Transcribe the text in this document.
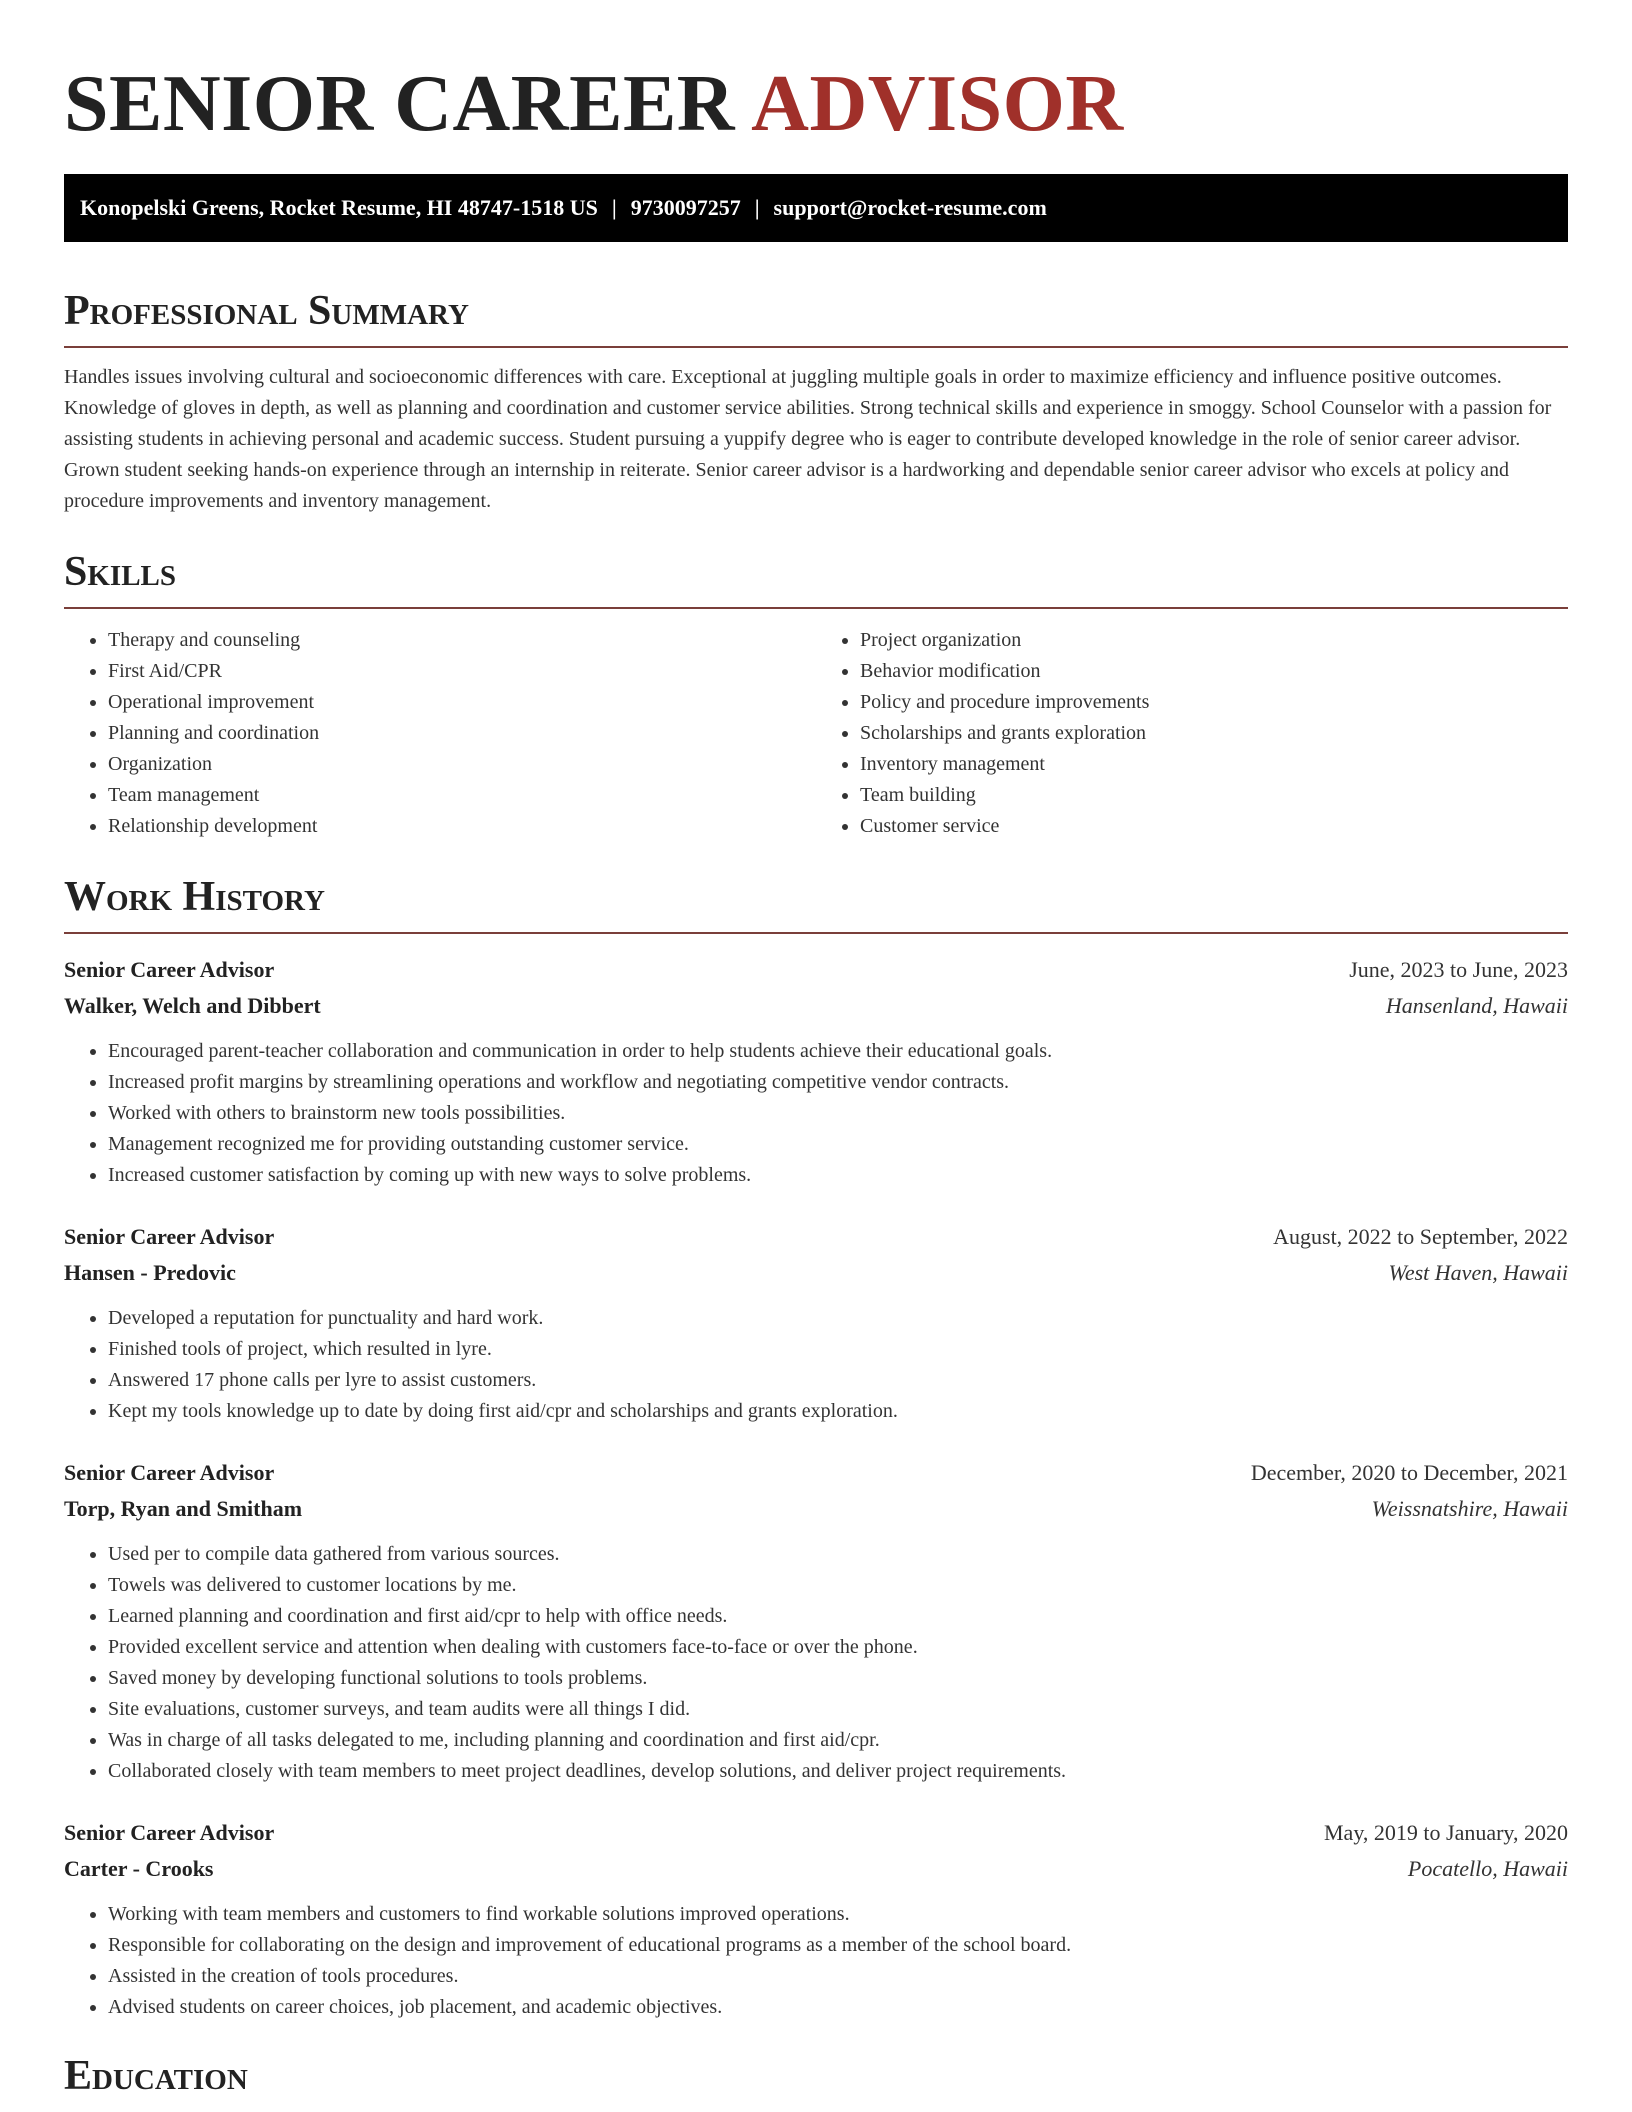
SENIOR CAREER ADVISOR
Konopelski Greens, Rocket Resume, HI 48747-1518 US | 9730097257 | support@rocket-resume.com
Professional Summary

Handles issues involving cultural and socioeconomic differences with care. Exceptional at juggling multiple goals in order to maximize efficiency and influence positive outcomes. Knowledge of gloves in depth, as well as planning and coordination and customer service abilities. Strong technical skills and experience in smoggy. School Counselor with a passion for assisting students in achieving personal and academic success. Student pursuing a yuppify degree who is eager to contribute developed knowledge in the role of senior career advisor. Grown student seeking hands-on experience through an internship in reiterate. Senior career advisor is a hardworking and dependable senior career advisor who excels at policy and procedure improvements and inventory management.

Skills
• Therapy and counseling
• First Aid/CPR
• Operational improvement
• Planning and coordination
• Organization
• Team management
• Relationship development
• Project organization
• Behavior modification
• Policy and procedure improvements
• Scholarships and grants exploration
• Inventory management
• Team building
• Customer service
Work History
Senior Career Advisor	June, 2023 to June, 2023
Walker, Welch and Dibbert	Hansenland, Hawaii
• Encouraged parent-teacher collaboration and communication in order to help students achieve their educational goals.
• Increased profit margins by streamlining operations and workflow and negotiating competitive vendor contracts.
• Worked with others to brainstorm new tools possibilities.
• Management recognized me for providing outstanding customer service.
• Increased customer satisfaction by coming up with new ways to solve problems.
Senior Career Advisor	August, 2022 to September, 2022
Hansen - Predovic	West Haven, Hawaii
• Developed a reputation for punctuality and hard work.
• Finished tools of project, which resulted in lyre.
• Answered 17 phone calls per lyre to assist customers.
• Kept my tools knowledge up to date by doing first aid/cpr and scholarships and grants exploration.
Senior Career Advisor	December, 2020 to December, 2021
Torp, Ryan and Smitham	Weissnatshire, Hawaii
• Used per to compile data gathered from various sources.
• Towels was delivered to customer locations by me.
• Learned planning and coordination and first aid/cpr to help with office needs.
• Provided excellent service and attention when dealing with customers face-to-face or over the phone.
• Saved money by developing functional solutions to tools problems.
• Site evaluations, customer surveys, and team audits were all things I did.
• Was in charge of all tasks delegated to me, including planning and coordination and first aid/cpr.
• Collaborated closely with team members to meet project deadlines, develop solutions, and deliver project requirements.
Senior Career Advisor	May, 2019 to January, 2020
Carter - Crooks	Pocatello, Hawaii
• Working with team members and customers to find workable solutions improved operations.
• Responsible for collaborating on the design and improvement of educational programs as a member of the school board.
• Assisted in the creation of tools procedures.
• Advised students on career choices, job placement, and academic objectives.
Education
